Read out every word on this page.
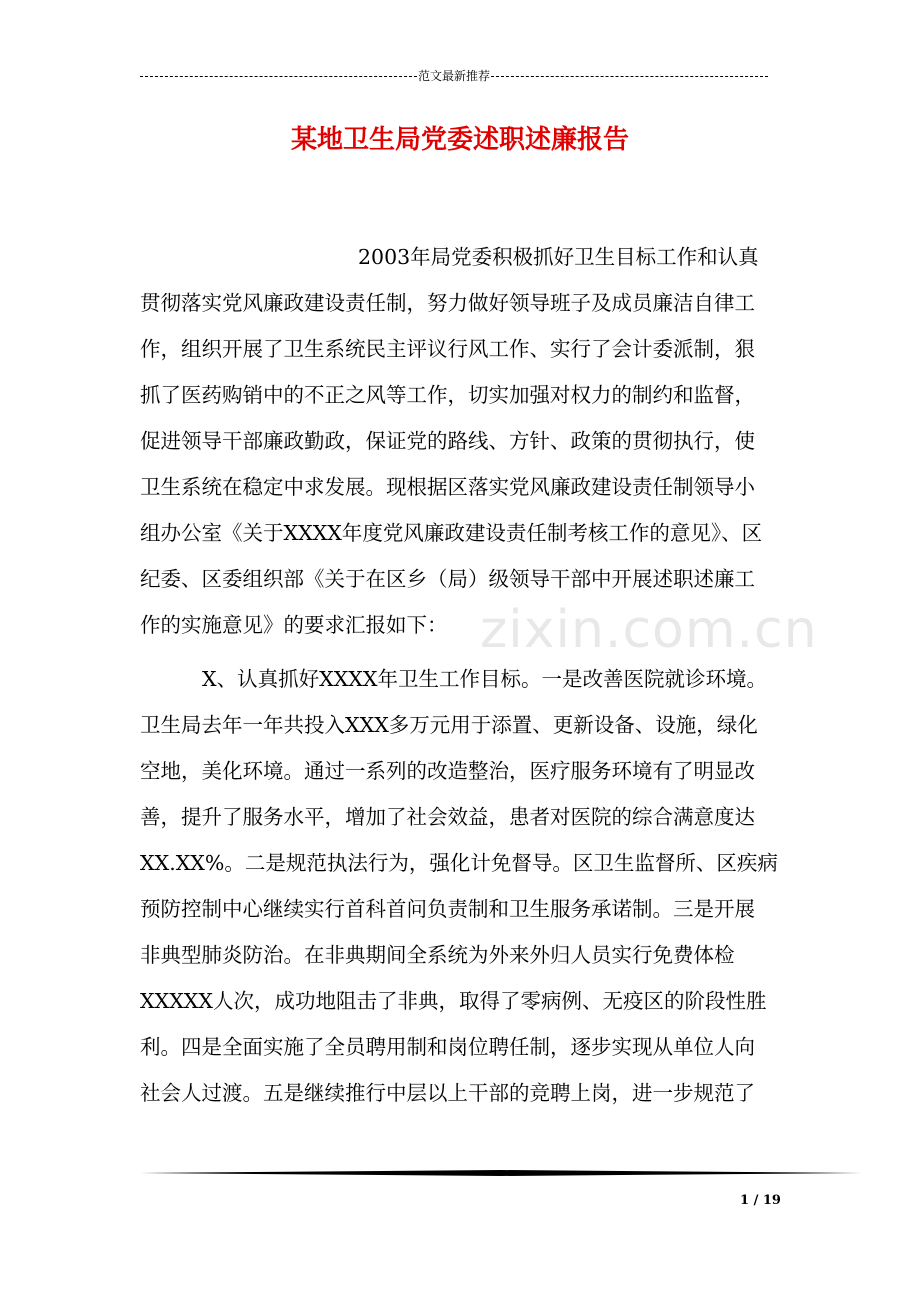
范文最新推荐
某地卫生局党委述职述廉报告
2003年局党委积极抓好卫生目标工作和认真
贯彻落实党风廉政建设责任制，努力做好领导班子及成员廉洁自律工
作，组织开展了卫生系统民主评议行风工作、实行了会计委派制，狠
抓了医药购销中的不正之风等工作，切实加强对权力的制约和监督，
促进领导干部廉政勤政，保证党的路线、方针、政策的贯彻执行，使
卫生系统在稳定中求发展。现根据区落实党风廉政建设责任制领导小
组办公室《关于XXXX年度党风廉政建设责任制考核工作的意见》、区
纪委、区委组织部《关于在区乡（局）级领导干部中开展述职述廉工
作的实施意见》的要求汇报如下：
X、认真抓好XXXX年卫生工作目标。一是改善医院就诊环境。
卫生局去年一年共投入XXX多万元用于添置、更新设备、设施，绿化
空地，美化环境。通过一系列的改造整治，医疗服务环境有了明显改
善，提升了服务水平，增加了社会效益，患者对医院的综合满意度达
XX.XX%。二是规范执法行为，强化计免督导。区卫生监督所、区疾病
预防控制中心继续实行首科首问负责制和卫生服务承诺制。三是开展
非典型肺炎防治。在非典期间全系统为外来外归人员实行免费体检
XXXXX人次，成功地阻击了非典，取得了零病例、无疫区的阶段性胜
利。四是全面实施了全员聘用制和岗位聘任制，逐步实现从单位人向
社会人过渡。五是继续推行中层以上干部的竞聘上岗，进一步规范了
zixin.com.cn
1 / 19
